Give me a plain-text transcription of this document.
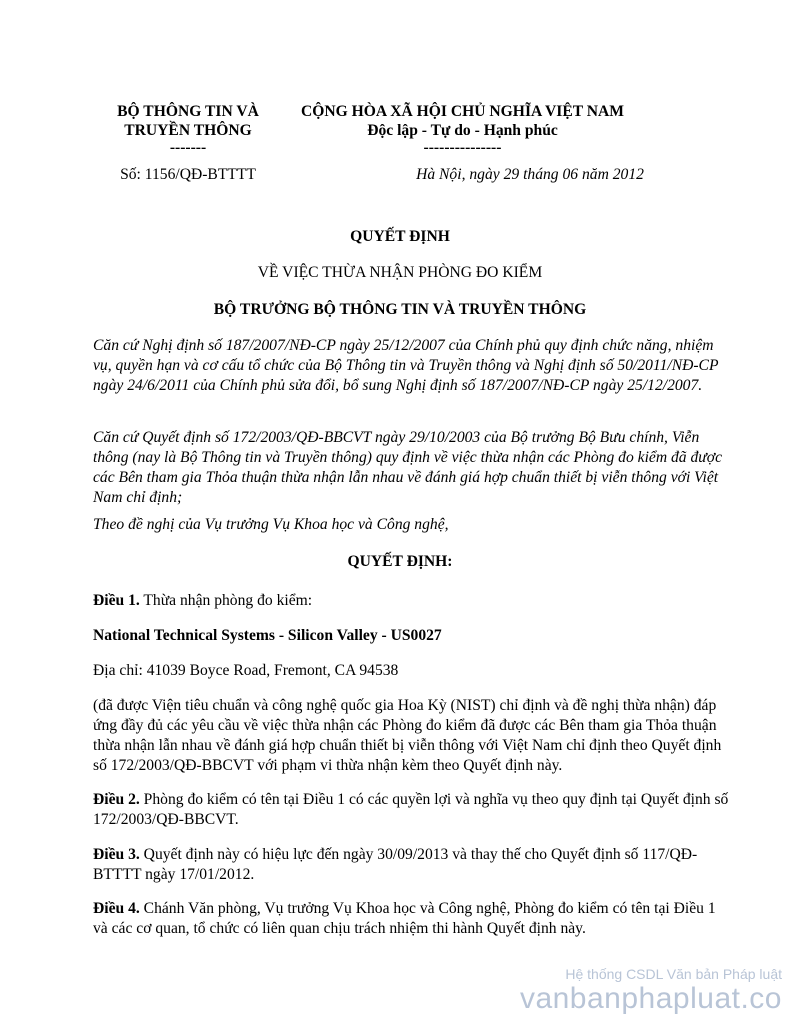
BỘ THÔNG TIN VÀ
TRUYỀN THÔNG
-------
Số: 1156/QĐ-BTTTT
CỘNG HÒA XÃ HỘI CHỦ NGHĨA VIỆT NAM
Độc lập - Tự do - Hạnh phúc
---------------
Hà Nội, ngày 29 tháng 06 năm 2012
QUYẾT ĐỊNH
VỀ VIỆC THỪA NHẬN PHÒNG ĐO KIỂM
BỘ TRƯỞNG BỘ THÔNG TIN VÀ TRUYỀN THÔNG
Căn cứ Nghị định số 187/2007/NĐ-CP ngày 25/12/2007 của Chính phủ quy định chức năng, nhiệm vụ, quyền hạn và cơ cấu tổ chức của Bộ Thông tin và Truyền thông và Nghị định số 50/2011/NĐ-CP ngày 24/6/2011 của Chính phủ sửa đổi, bổ sung Nghị định số 187/2007/NĐ-CP ngày 25/12/2007.
Căn cứ Quyết định số 172/2003/QĐ-BBCVT ngày 29/10/2003 của Bộ trưởng Bộ Bưu chính, Viễn thông (nay là Bộ Thông tin và Truyền thông) quy định về việc thừa nhận các Phòng đo kiểm đã được các Bên tham gia Thỏa thuận thừa nhận lẫn nhau về đánh giá hợp chuẩn thiết bị viễn thông với Việt Nam chỉ định;
Theo đề nghị của Vụ trưởng Vụ Khoa học và Công nghệ,
QUYẾT ĐỊNH:
Điều 1. Thừa nhận phòng đo kiểm:
National Technical Systems - Silicon Valley - US0027
Địa chỉ: 41039 Boyce Road, Fremont, CA 94538
(đã được Viện tiêu chuẩn và công nghệ quốc gia Hoa Kỳ (NIST) chỉ định và đề nghị thừa nhận) đáp ứng đầy đủ các yêu cầu về việc thừa nhận các Phòng đo kiểm đã được các Bên tham gia Thỏa thuận thừa nhận lẫn nhau về đánh giá hợp chuẩn thiết bị viễn thông với Việt Nam chỉ định theo Quyết định số 172/2003/QĐ-BBCVT với phạm vi thừa nhận kèm theo Quyết định này.
Điều 2. Phòng đo kiểm có tên tại Điều 1 có các quyền lợi và nghĩa vụ theo quy định tại Quyết định số 172/2003/QĐ-BBCVT.
Điều 3. Quyết định này có hiệu lực đến ngày 30/09/2013 và thay thế cho Quyết định số 117/QĐ-BTTTT ngày 17/01/2012.
Điều 4. Chánh Văn phòng, Vụ trưởng Vụ Khoa học và Công nghệ, Phòng đo kiểm có tên tại Điều 1 và các cơ quan, tổ chức có liên quan chịu trách nhiệm thi hành Quyết định này.
Hệ thống CSDL Văn bản Pháp luật
vanbanphapluat.co
